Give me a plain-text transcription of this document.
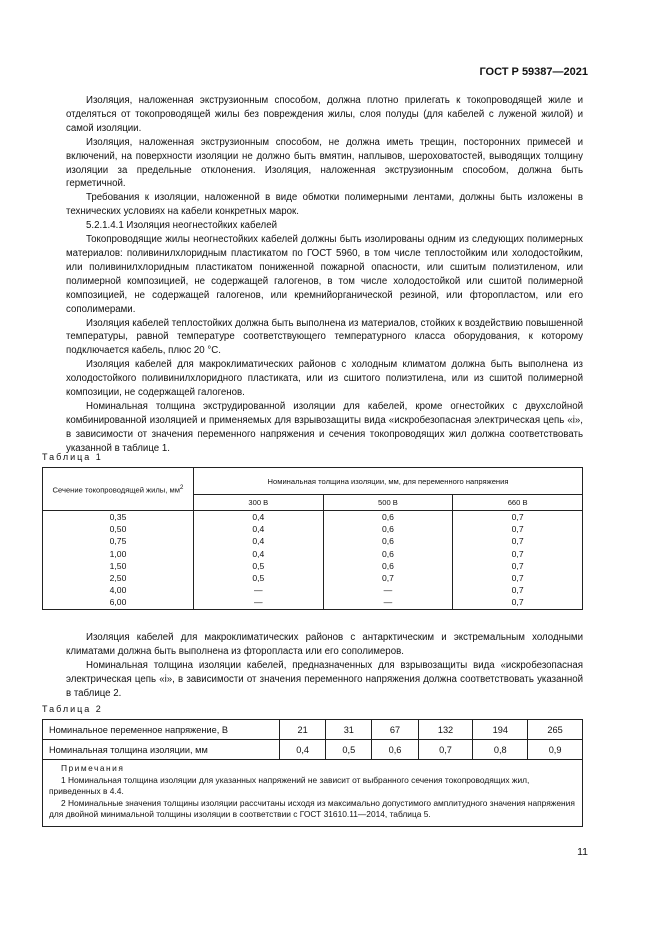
ГОСТ Р 59387—2021

Изоляция, наложенная экструзионным способом, должна плотно прилегать к токопроводящей жиле и отделяться от токопроводящей жилы без повреждения жилы, слоя полуды (для кабелей с луженой жилой) и самой изоляции.

Изоляция, наложенная экструзионным способом, не должна иметь трещин, посторонних примесей и включений, на поверхности изоляции не должно быть вмятин, наплывов, шероховатостей, выводящих толщину изоляции за предельные отклонения. Изоляция, наложенная экструзионным способом, должна быть герметичной.

Требования к изоляции, наложенной в виде обмотки полимерными лентами, должны быть изложены в технических условиях на кабели конкретных марок.

5.2.1.4.1 Изоляция неогнестойких кабелей

Токопроводящие жилы неогнестойких кабелей должны быть изолированы одним из следующих полимерных материалов: поливинилхлоридным пластикатом по ГОСТ 5960, в том числе теплостойким или холодостойким, или поливинилхлоридным пластикатом пониженной пожарной опасности, или сшитым полиэтиленом, или полимерной композицией, не содержащей галогенов, в том числе холодостойкой или сшитой полимерной композицией, не содержащей галогенов, или кремнийорганической резиной, или фторопластом, или его сополимерами.

Изоляция кабелей теплостойких должна быть выполнена из материалов, стойких к воздействию повышенной температуры, равной температуре соответствующего температурного класса оборудования, к которому подключается кабель, плюс 20 °С.

Изоляция кабелей для макроклиматических районов с холодным климатом должна быть выполнена из холодостойкого поливинилхлоридного пластиката, или из сшитого полиэтилена, или из сшитой полимерной композиции, не содержащей галогенов.

Номинальная толщина экструдированной изоляции для кабелей, кроме огнестойких с двухслойной комбинированной изоляцией и применяемых для взрывозащиты вида «искробезопасная электрическая цепь «i», в зависимости от значения переменного напряжения и сечения токопроводящих жил должна соответствовать указанной в таблице 1.

Таблица 1
Сечение токопроводящей жилы, $мм^2$	Номинальная толщина изоляции, мм, для переменного напряжения		
	300 В	500 В	660 В
0,35	0,4	0,6	0,7
0,50	0,4	0,6	0,7
0,75	0,4	0,6	0,7
1,00	0,4	0,6	0,7
1,50	0,5	0,6	0,7
2,50	0,5	0,7	0,7
4,00	—	—	0,7
6,00	—	—	0,7

Изоляция кабелей для макроклиматических районов с антарктическим и экстремальным холодными климатами должна быть выполнена из фторопласта или его сополимеров.

Номинальная толщина изоляции кабелей, предназначенных для взрывозащиты вида «искробезопасная электрическая цепь «i», в зависимости от значения переменного напряжения должна соответствовать указанной в таблице 2.

Таблица 2
Номинальное переменное напряжение, В	21	31	67	132	194	265
Номинальная толщина изоляции, мм	0,4	0,5	0,6	0,7	0,8	0,9

Примечания

1 Номинальная толщина изоляции для указанных напряжений не зависит от выбранного сечения токопроводящих жил, приведенных в 4.4.

2 Номинальные значения толщины изоляции рассчитаны исходя из максимально допустимого амплитудного значения напряжения для двойной минимальной толщины изоляции в соответствии с ГОСТ 31610.11—2014, таблица 5.						

11
